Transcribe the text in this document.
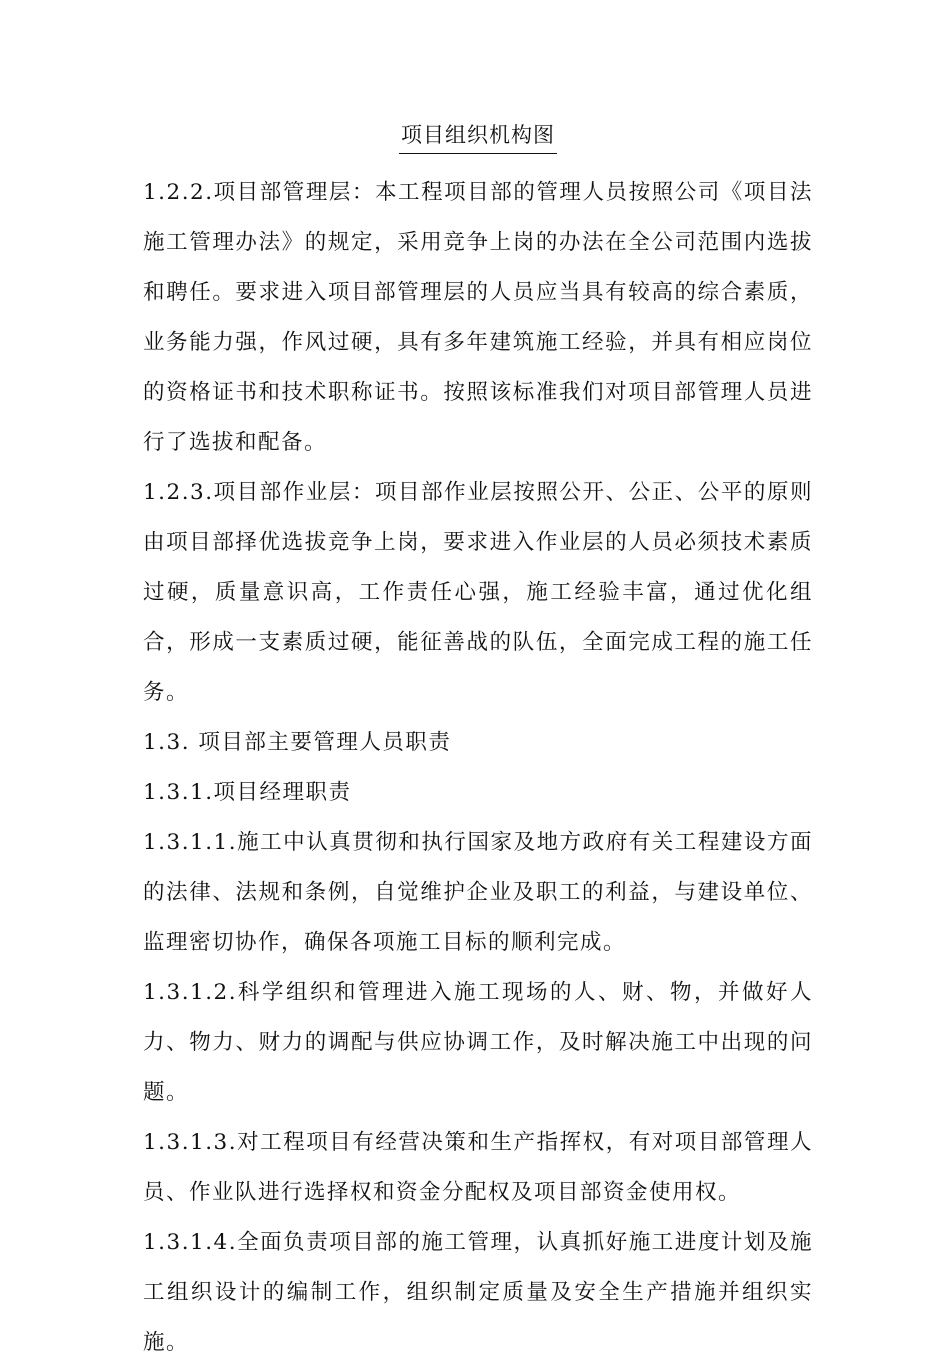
项目组织机构图

1.2.2.项目部管理层：本工程项目部的管理人员按照公司《项目法施工管理办法》的规定，采用竞争上岗的办法在全公司范围内选拔和聘任。要求进入项目部管理层的人员应当具有较高的综合素质，业务能力强，作风过硬，具有多年建筑施工经验，并具有相应岗位的资格证书和技术职称证书。按照该标准我们对项目部管理人员进行了选拔和配备。

1.2.3.项目部作业层：项目部作业层按照公开、公正、公平的原则由项目部择优选拔竞争上岗，要求进入作业层的人员必须技术素质过硬，质量意识高，工作责任心强，施工经验丰富，通过优化组合，形成一支素质过硬，能征善战的队伍，全面完成工程的施工任务。

1.3. 项目部主要管理人员职责

1.3.1.项目经理职责

1.3.1.1.施工中认真贯彻和执行国家及地方政府有关工程建设方面的法律、法规和条例，自觉维护企业及职工的利益，与建设单位、监理密切协作，确保各项施工目标的顺利完成。

1.3.1.2.科学组织和管理进入施工现场的人、财、物，并做好人力、物力、财力的调配与供应协调工作，及时解决施工中出现的问题。

1.3.1.3.对工程项目有经营决策和生产指挥权，有对项目部管理人员、作业队进行选择权和资金分配权及项目部资金使用权。

1.3.1.4.全面负责项目部的施工管理，认真抓好施工进度计划及施工组织设计的编制工作，组织制定质量及安全生产措施并组织实施。
